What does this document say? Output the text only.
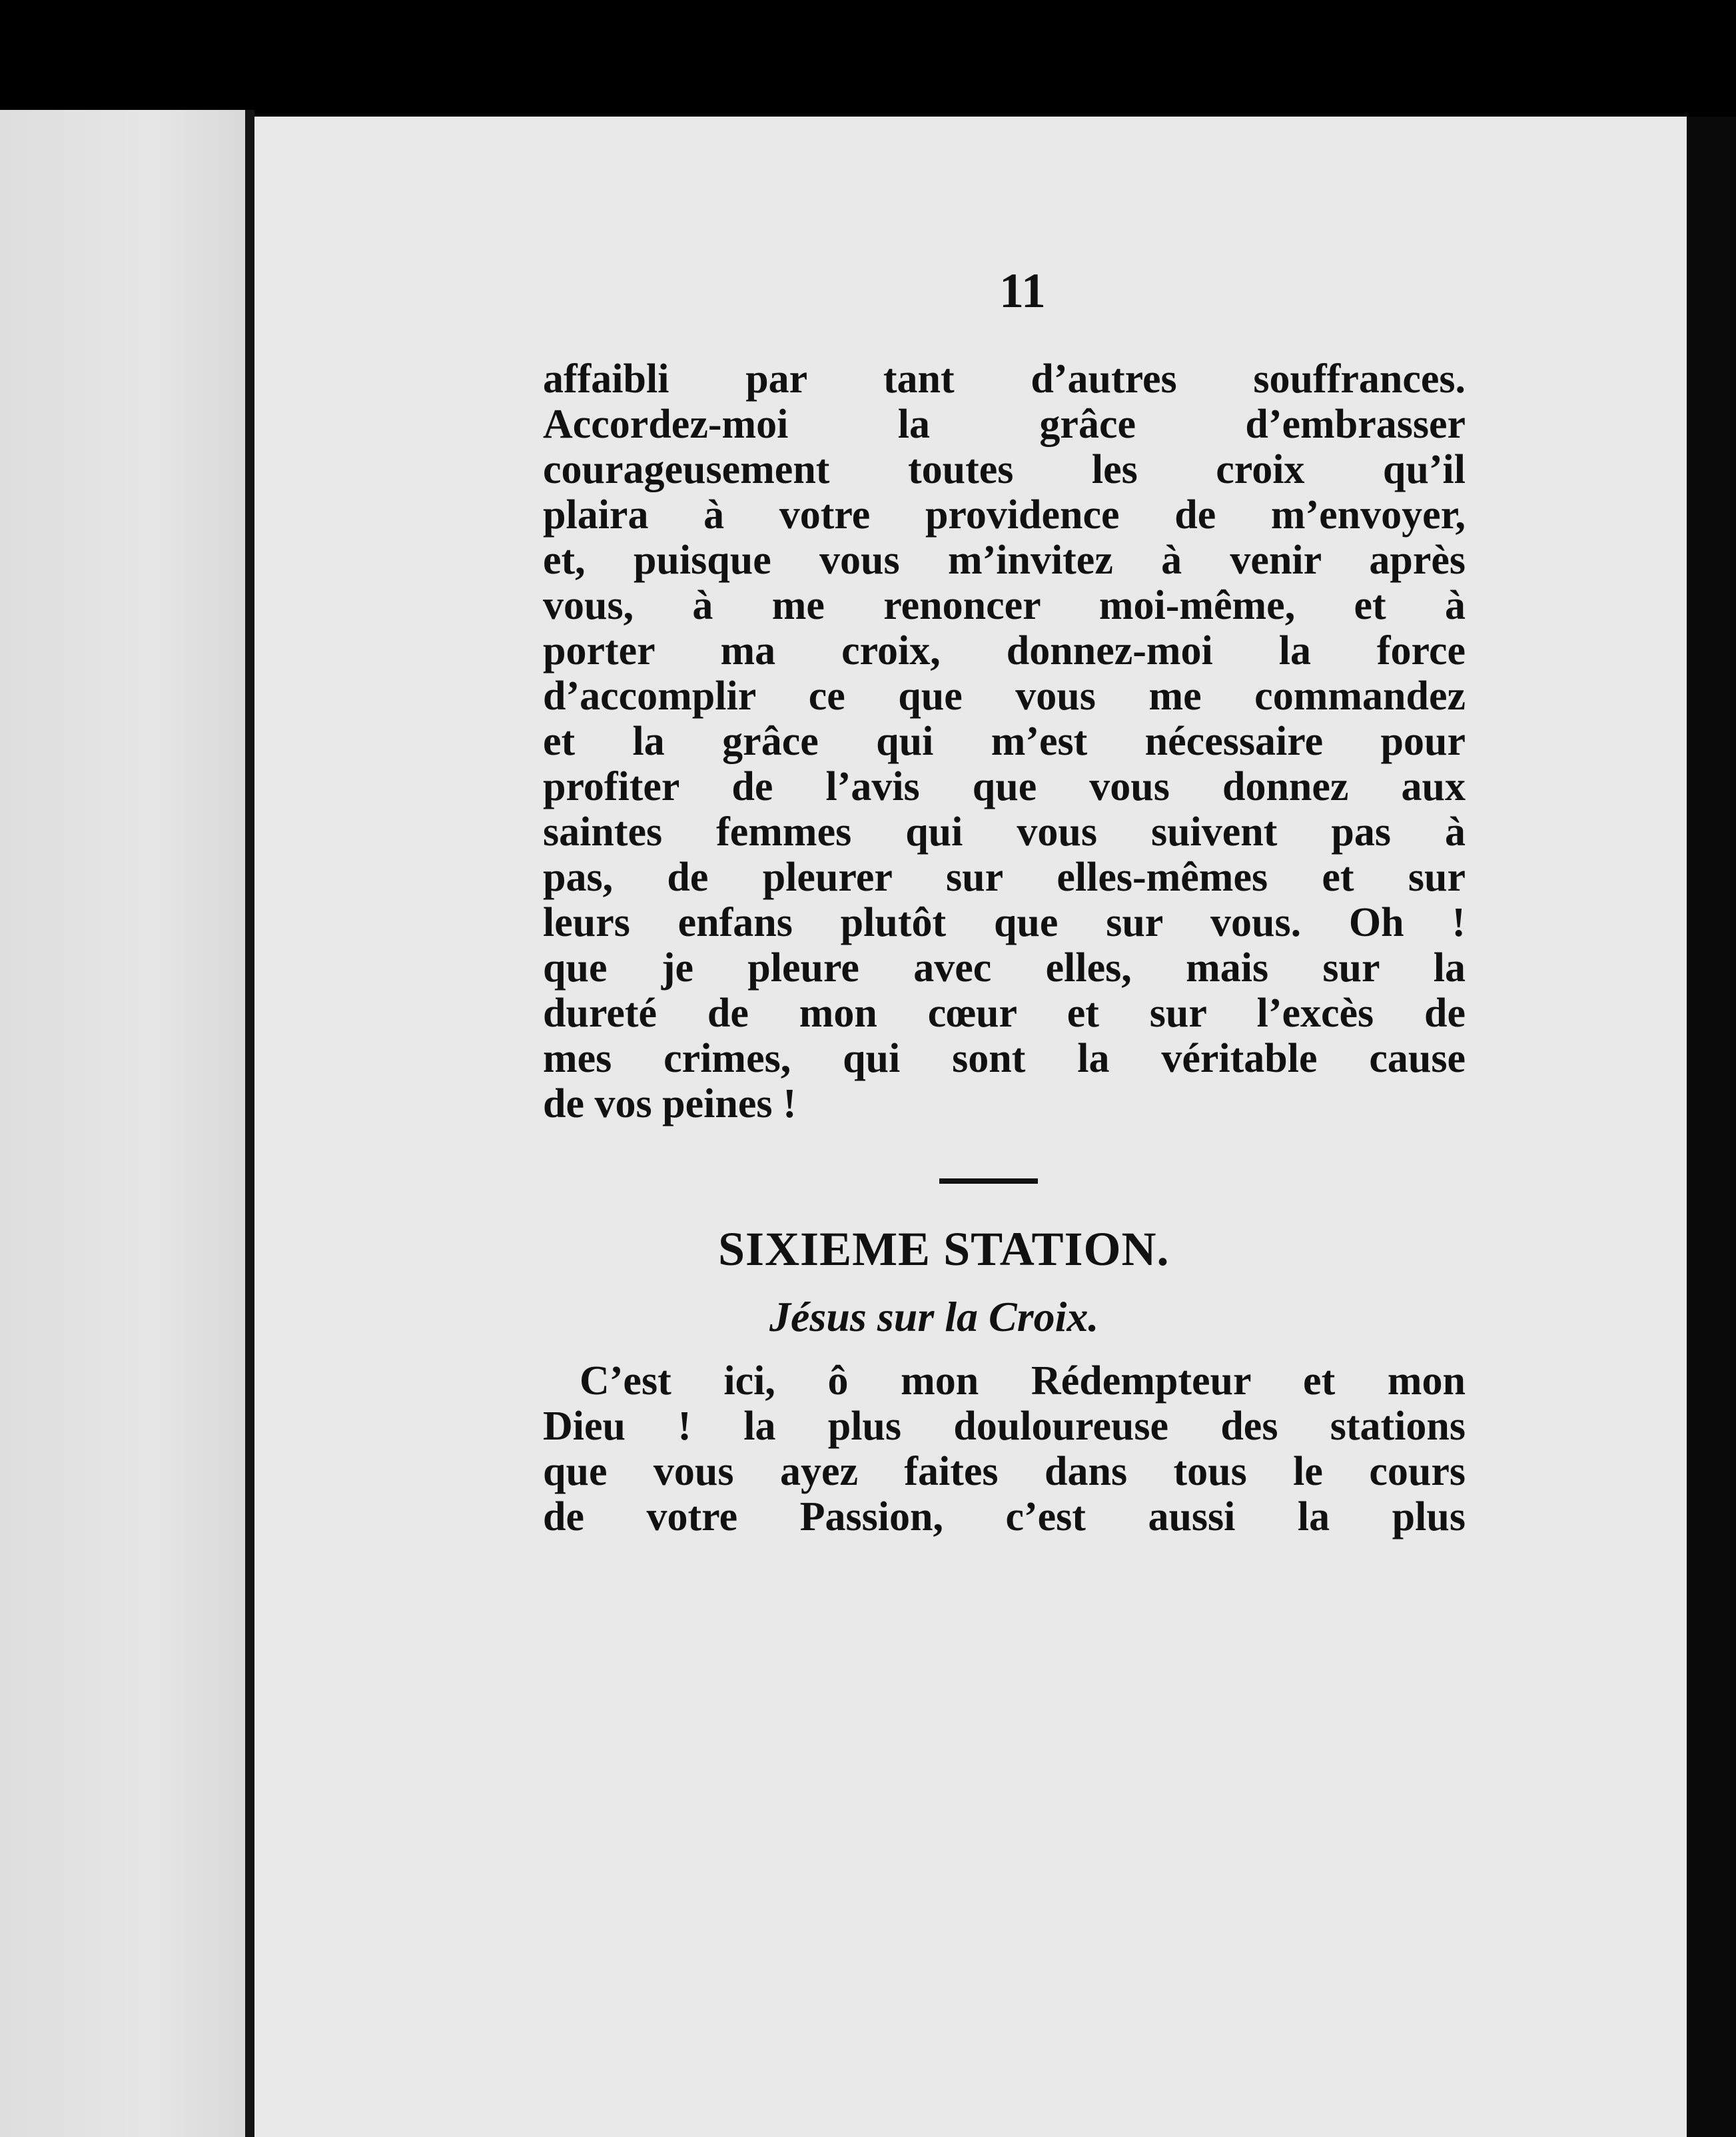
11
affaibli par tant d’autres souffrances.
Accordez-moi la grâce d’embrasser
courageusement toutes les croix qu’il
plaira à votre providence de m’envoyer,
et, puisque vous m’invitez à venir après
vous, à me renoncer moi-même, et à
porter ma croix, donnez-moi la force
d’accomplir ce que vous me commandez
et la grâce qui m’est nécessaire pour
profiter de l’avis que vous donnez aux
saintes femmes qui vous suivent pas à
pas, de pleurer sur elles-mêmes et sur
leurs enfans plutôt que sur vous. Oh !
que je pleure avec elles, mais sur la
dureté de mon cœur et sur l’excès de
mes crimes, qui sont la véritable cause
de vos peines !
SIXIEME STATION.
Jésus sur la Croix.
C’est ici, ô mon Rédempteur et mon
Dieu ! la plus douloureuse des stations
que vous ayez faites dans tous le cours
de votre Passion, c’est aussi la plus
